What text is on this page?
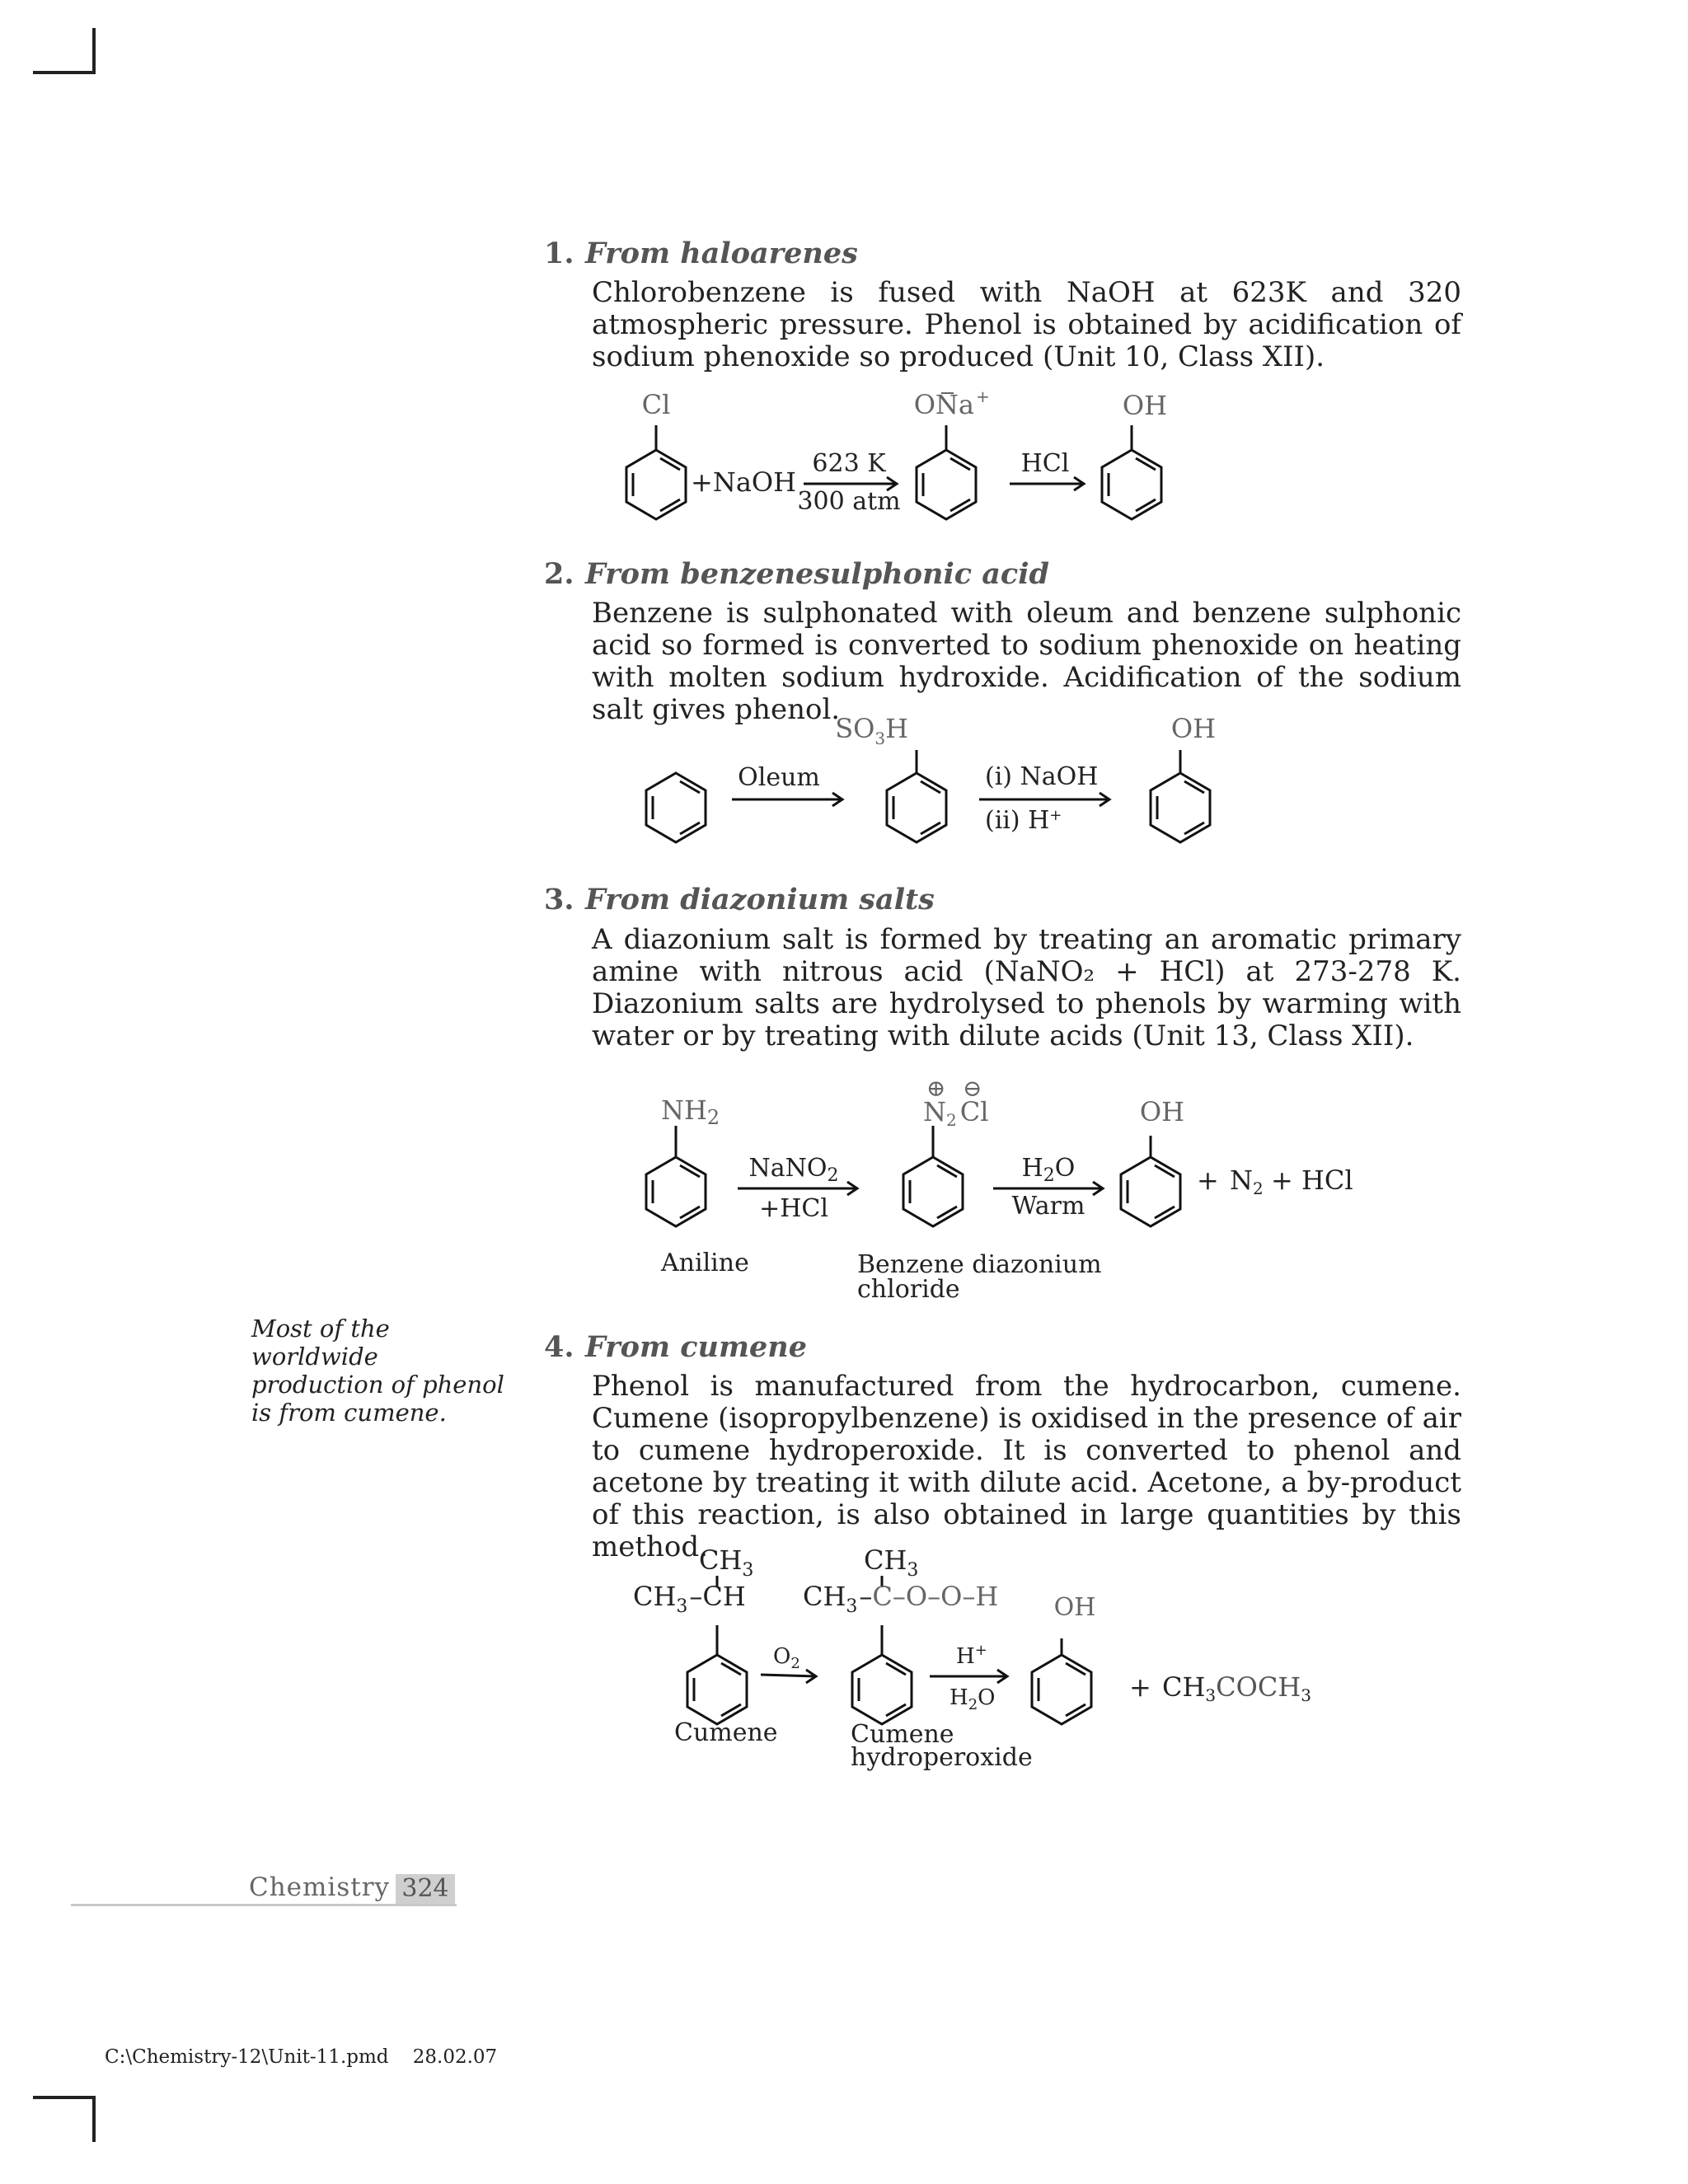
1. From haloarenes
Chlorobenzene is fused with NaOH at 623K and 320 atmospheric pressure. Phenol is obtained by acidification of sodium phenoxide so produced (Unit 10, Class XII).
Cl
+NaOH
623 K
300 atm
ONa +
HCl
OH
2. From benzenesulphonic acid
Benzene is sulphonated with oleum and benzene sulphonic acid so formed is converted to sodium phenoxide on heating with molten sodium hydroxide. Acidification of the sodium salt gives phenol.
Oleum
$SO_3H$
(i) NaOH
(ii) H+
OH
3. From diazonium salts
A diazonium salt is formed by treating an aromatic primary amine with nitrous acid (NaNO₂ + HCl) at 273-278 K. Diazonium salts are hydrolysed to phenols by warming with water or by treating with dilute acids (Unit 13, Class XII).
NH2
Aniline
NaNO$_2$
+HCl
⊕ ⊖
N2 Cl
Benzene diazonium
chloride
$H_2O$
Warm
OH
+ N2 + HCl
Most of the worldwide production of phenol is from cumene.
4. From cumene
Phenol is manufactured from the hydrocarbon, cumene. Cumene (isopropylbenzene) is oxidised in the presence of air to cumene hydroperoxide. It is converted to phenol and acetone by treating it with dilute acid. Acetone, a by-product of this reaction, is also obtained in large quantities by this method.
$CH_3$
$CH_3-CH$
$CH_3$
$CH_3-C-O-O-H$
Cumene
$O_2$	H+
$H_2O$
Cumene
hydroperoxide
OH
+ CH3COCH3
Chemistry 324
C:\Chemistry-12\Unit-11.pmd 28.02.07
